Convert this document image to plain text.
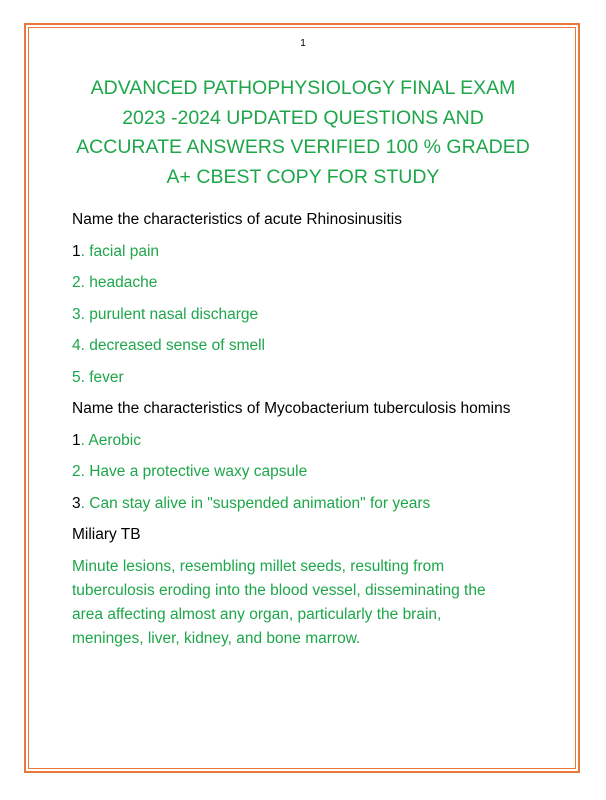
1
ADVANCED PATHOPHYSIOLOGY FINAL EXAM
2023 -2024 UPDATED QUESTIONS AND
ACCURATE ANSWERS VERIFIED 100 % GRADED
A+ CBEST COPY FOR STUDY

Name the characteristics of acute Rhinosinusitis

1. facial pain

2. headache

3. purulent nasal discharge

4. decreased sense of smell

5. fever

Name the characteristics of Mycobacterium tuberculosis homins

1. Aerobic

2. Have a protective waxy capsule

3. Can stay alive in "suspended animation" for years

Miliary TB

Minute lesions, resembling millet seeds, resulting from
tuberculosis eroding into the blood vessel, disseminating the
area affecting almost any organ, particularly the brain,
meninges, liver, kidney, and bone marrow.
